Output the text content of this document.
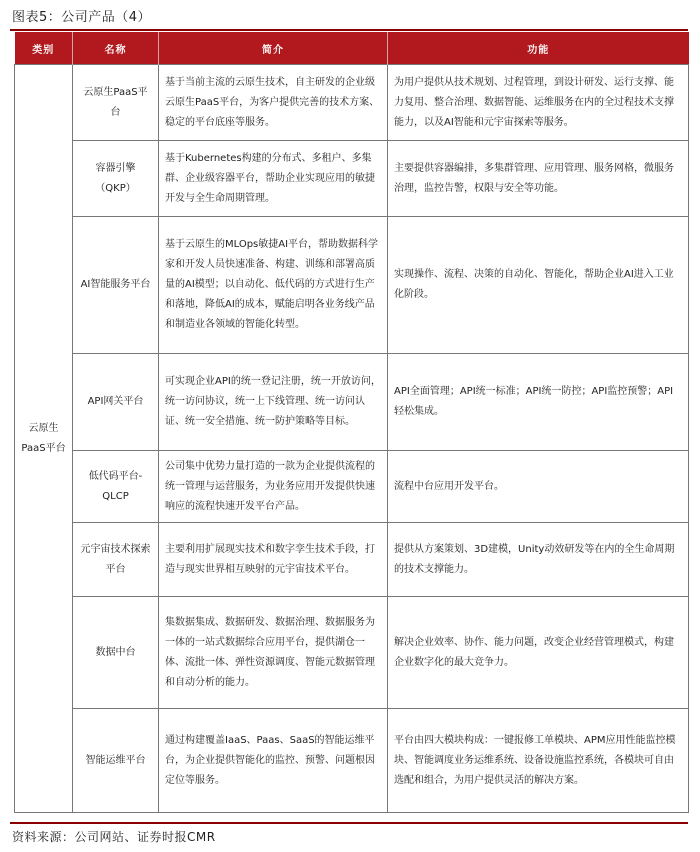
图表5：公司产品（4）
类别	名称	简介	功能
云原生PaaS平台	云原生PaaS平台	基于当前主流的云原生技术，自主研发的企业级云原生PaaS平台，为客户提供完善的技术方案、稳定的平台底座等服务。	为用户提供从技术规划、过程管理，到设计研发、运行支撑、能力复用、整合治理、数据智能、运维服务在内的全过程技术支撑能力，以及AI智能和元宇宙探索等服务。
	容器引擎（QKP）	基于Kubernetes构建的分布式、多租户、多集群、企业级容器平台，帮助企业实现应用的敏捷开发与全生命周期管理。	主要提供容器编排，多集群管理、应用管理、服务网格，微服务治理，监控告警，权限与安全等功能。
	AI智能服务平台	基于云原生的MLOps敏捷AI平台，帮助数据科学家和开发人员快速准备、构建、训练和部署高质量的AI模型；以自动化、低代码的方式进行生产和落地，降低AI的成本，赋能启明各业务线产品和制造业各领域的智能化转型。	实现操作、流程、决策的自动化、智能化，帮助企业AI进入工业化阶段。
	API网关平台	可实现企业API的统一登记注册，统一开放访问，统一访问协议，统一上下线管理、统一访问认证、统一安全措施、统一防护策略等目标。	API全面管理；API统一标准；API统一防控；API监控预警；API轻松集成。
	低代码平台-QLCP	公司集中优势力量打造的一款为企业提供流程的统一管理与运营服务，为业务应用开发提供快速响应的流程快速开发平台产品。	流程中台应用开发平台。
	元宇宙技术探索平台	主要利用扩展现实技术和数字孪生技术手段，打造与现实世界相互映射的元宇宙技术平台。	提供从方案策划、3D建模，Unity动效研发等在内的全生命周期的技术支撑能力。
	数据中台	集数据集成、数据研发、数据治理、数据服务为一体的一站式数据综合应用平台，提供湖仓一体、流批一体、弹性资源调度、智能元数据管理和自动分析的能力。	解决企业效率、协作、能力问题，改变企业经营管理模式，构建企业数字化的最大竞争力。
	智能运维平台	通过构建覆盖IaaS、Paas、SaaS的智能运维平台，为企业提供智能化的监控、预警、问题根因定位等服务。	平台由四大模块构成：一键报修工单模块、APM应用性能监控模块、智能调度业务运维系统、设备设施监控系统，各模块可自由选配和组合，为用户提供灵活的解决方案。
资料来源：公司网站、证券时报CMR
